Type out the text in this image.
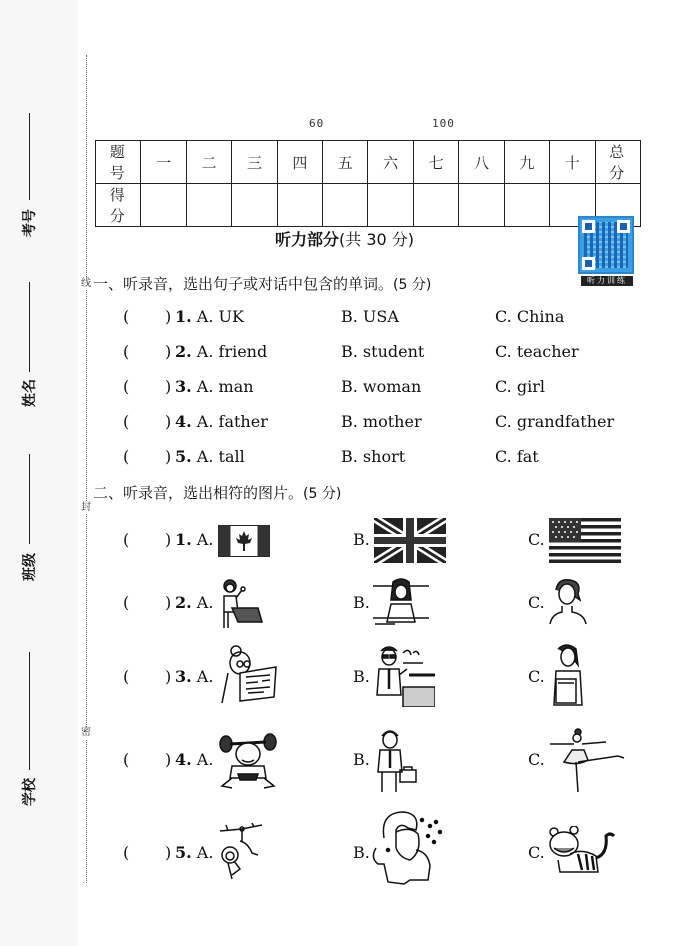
线
封
密
考号
姓名
班级
学校
60	100
题 号	一	二	三	四	五	六	七	八	九	十	总 分
得 分											
听力部分(共 30 分)
听力训练
一、听录音，选出句子或对话中包含的单词。(5 分)
( ) 1. A. UK	B. USA	C. China
( ) 2. A. friend	B. student	C. teacher
( ) 3. A. man	B. woman	C. girl
( ) 4. A. father	B. mother	C. grandfather
( ) 5. A. tall	B. short	C. fat
二、听录音，选出相符的图片。(5 分)
( ) 1. A.	B.	C.
( ) 2. A.	B.	C.
( ) 3. A.	B.	C.
( ) 4. A.	B.	C.
( ) 5. A.	B.	C.
